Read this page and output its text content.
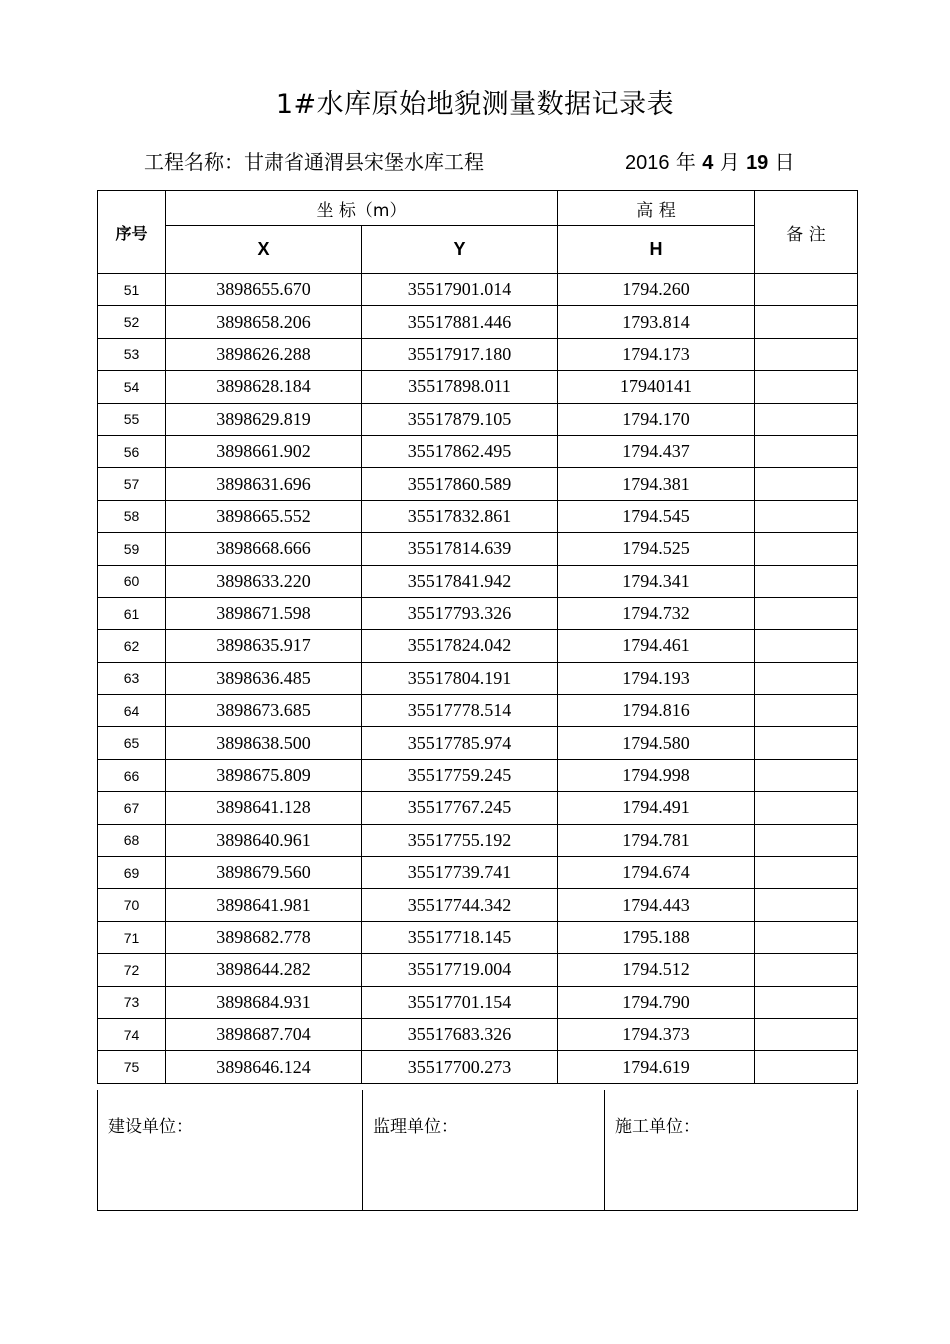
1#水库原始地貌测量数据记录表
工程名称：甘肃省通渭县宋堡水库工程	2016 年 4 月 19 日
序号	坐 标（m）		高 程	备 注
	X	Y	H	
51	3898655.670	35517901.014	1794.260	
52	3898658.206	35517881.446	1793.814	
53	3898626.288	35517917.180	1794.173	
54	3898628.184	35517898.011	17940141	
55	3898629.819	35517879.105	1794.170	
56	3898661.902	35517862.495	1794.437	
57	3898631.696	35517860.589	1794.381	
58	3898665.552	35517832.861	1794.545	
59	3898668.666	35517814.639	1794.525	
60	3898633.220	35517841.942	1794.341	
61	3898671.598	35517793.326	1794.732	
62	3898635.917	35517824.042	1794.461	
63	3898636.485	35517804.191	1794.193	
64	3898673.685	35517778.514	1794.816	
65	3898638.500	35517785.974	1794.580	
66	3898675.809	35517759.245	1794.998	
67	3898641.128	35517767.245	1794.491	
68	3898640.961	35517755.192	1794.781	
69	3898679.560	35517739.741	1794.674	
70	3898641.981	35517744.342	1794.443	
71	3898682.778	35517718.145	1795.188	
72	3898644.282	35517719.004	1794.512	
73	3898684.931	35517701.154	1794.790	
74	3898687.704	35517683.326	1794.373	
75	3898646.124	35517700.273	1794.619	
建设单位：	监理单位：	施工单位：
